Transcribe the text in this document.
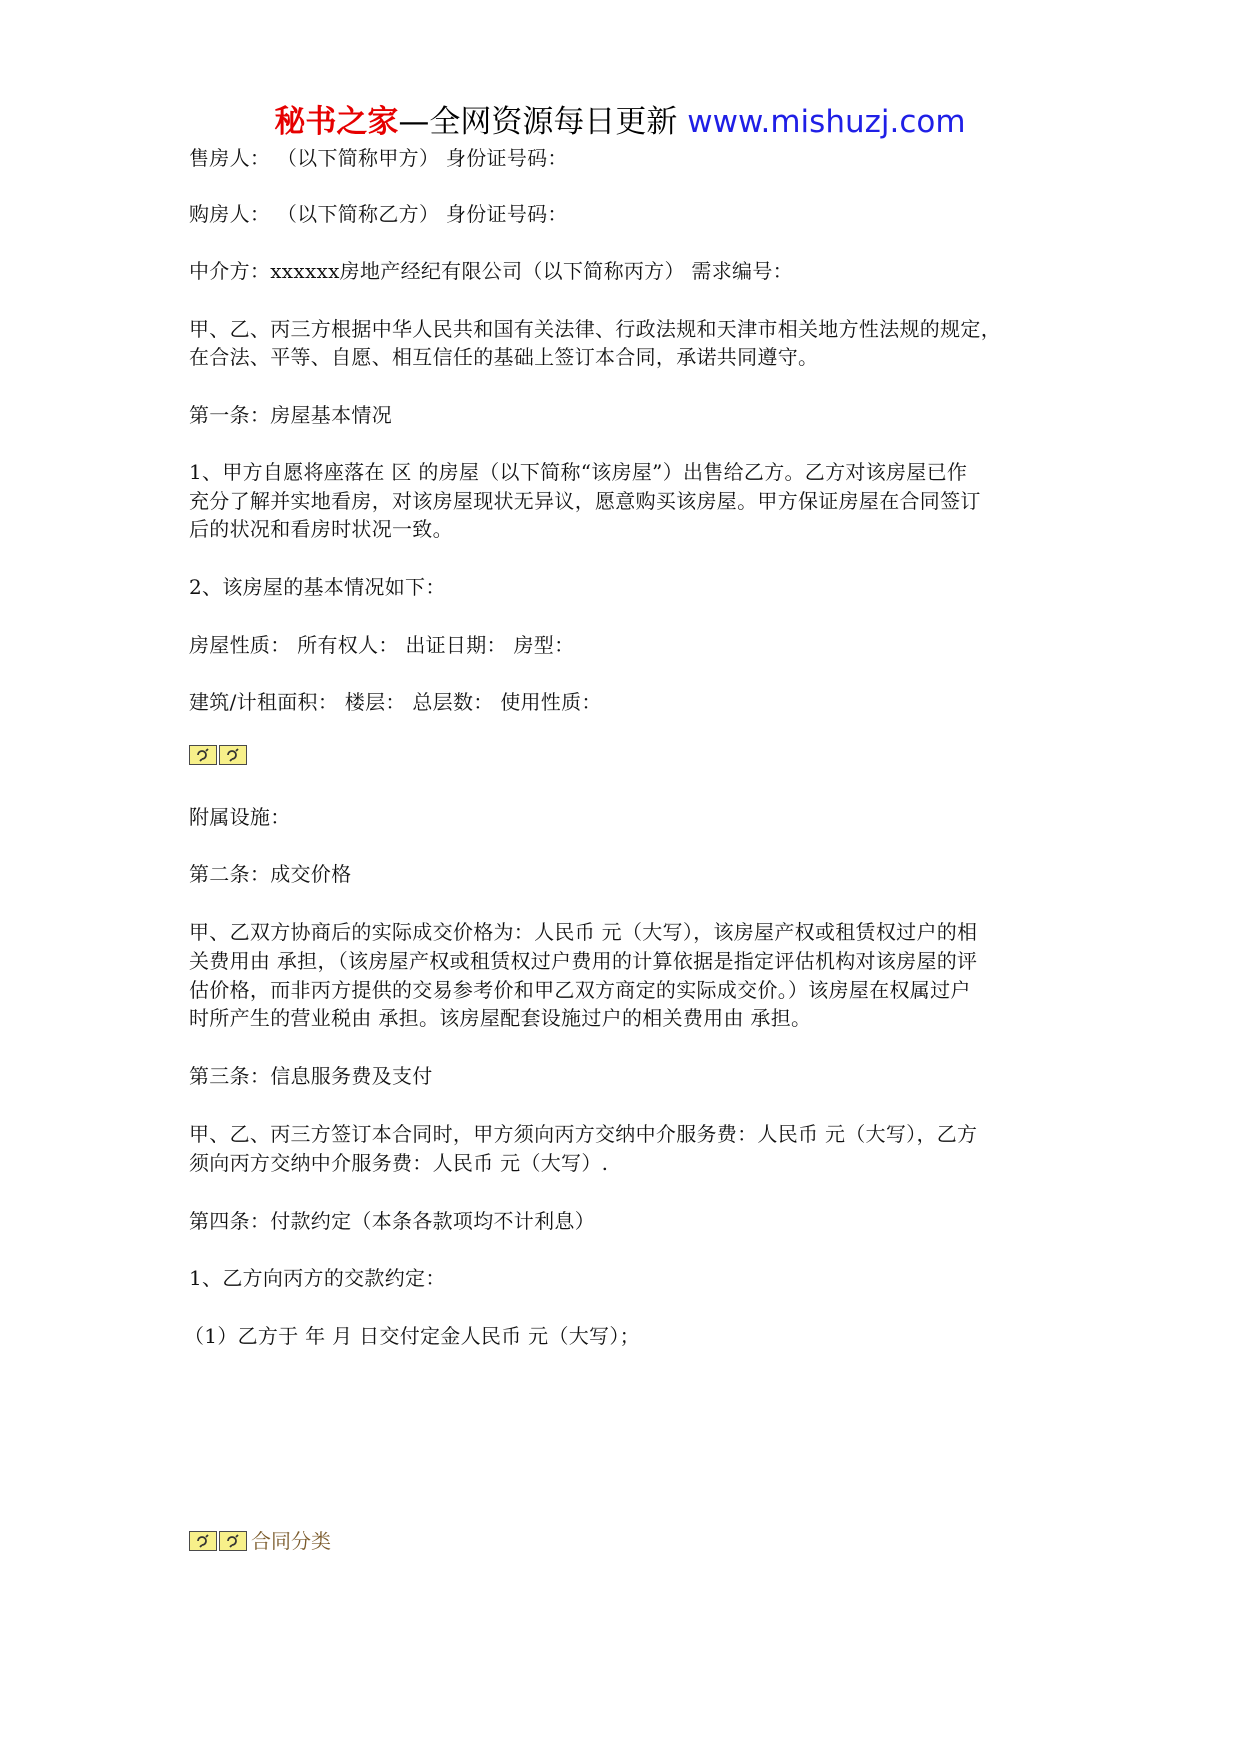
秘书之家—全网资源每日更新 www.mishuzj.com
售房人： （以下简称甲方） 身份证号码：
购房人： （以下简称乙方） 身份证号码：
中介方：xxxxxx房地产经纪有限公司（以下简称丙方） 需求编号：
甲、乙、丙三方根据中华人民共和国有关法律、行政法规和天津市相关地方性法规的规定，
在合法、平等、自愿、相互信任的基础上签订本合同，承诺共同遵守。
第一条：房屋基本情况
1、甲方自愿将座落在 区 的房屋（以下简称“该房屋”）出售给乙方。乙方对该房屋已作
充分了解并实地看房，对该房屋现状无异议，愿意购买该房屋。甲方保证房屋在合同签订
后的状况和看房时状况一致。
2、该房屋的基本情况如下：
房屋性质： 所有权人： 出证日期： 房型：
建筑/计租面积： 楼层： 总层数： 使用性质：
附属设施：
第二条：成交价格
甲、乙双方协商后的实际成交价格为：人民币 元（大写），该房屋产权或租赁权过户的相
关费用由 承担，（该房屋产权或租赁权过户费用的计算依据是指定评估机构对该房屋的评
估价格，而非丙方提供的交易参考价和甲乙双方商定的实际成交价。）该房屋在权属过户
时所产生的营业税由 承担。该房屋配套设施过户的相关费用由 承担。
第三条：信息服务费及支付
甲、乙、丙三方签订本合同时，甲方须向丙方交纳中介服务费：人民币 元（大写），乙方
须向丙方交纳中介服务费：人民币 元（大写）.
第四条：付款约定（本条各款项均不计利息）
1、乙方向丙方的交款约定：
（1）乙方于 年 月 日交付定金人民币 元（大写）；
合同分类
